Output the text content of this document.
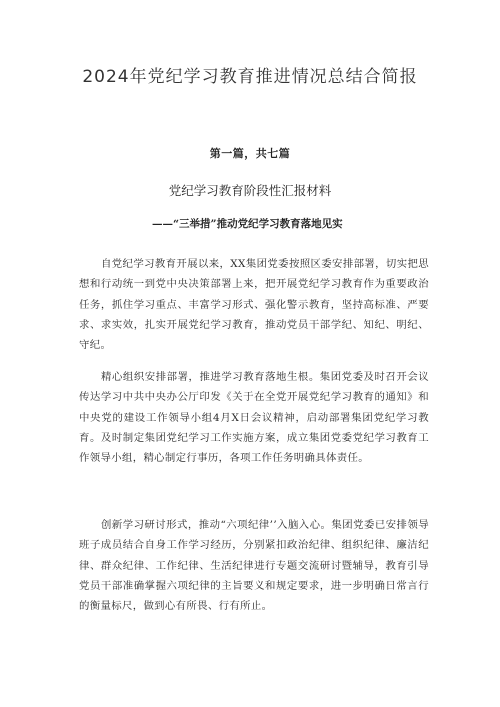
2024年党纪学习教育推进情况总结合简报
第一篇，共七篇
党纪学习教育阶段性汇报材料
——“三举措”推动党纪学习教育落地见实

自党纪学习教育开展以来，XX集团党委按照区委安排部署，切实把思想和行动统一到党中央决策部署上来，把开展党纪学习教育作为重要政治任务，抓住学习重点、丰富学习形式、强化警示教育，坚持高标准、严要求、求实效，扎实开展党纪学习教育，推动党员干部学纪、知纪、明纪、守纪。

精心组织安排部署，推进学习教育落地生根。集团党委及时召开会议传达学习中共中央办公厅印发《关于在全党开展党纪学习教育的通知》和中央党的建设工作领导小组4月X日会议精神，启动部署集团党纪学习教育。及时制定集团党纪学习工作实施方案，成立集团党委党纪学习教育工作领导小组，精心制定行事历，各项工作任务明确具体责任。

创新学习研讨形式，推动“六项纪律’’入脑入心。集团党委已安排领导班子成员结合自身工作学习经历，分别紧扣政治纪律、组织纪律、廉洁纪律、群众纪律、工作纪律、生活纪律进行专题交流研讨暨辅导，教育引导党员干部准确掌握六项纪律的主旨要义和规定要求，进一步明确日常言行的衡量标尺，做到心有所畏、行有所止。
